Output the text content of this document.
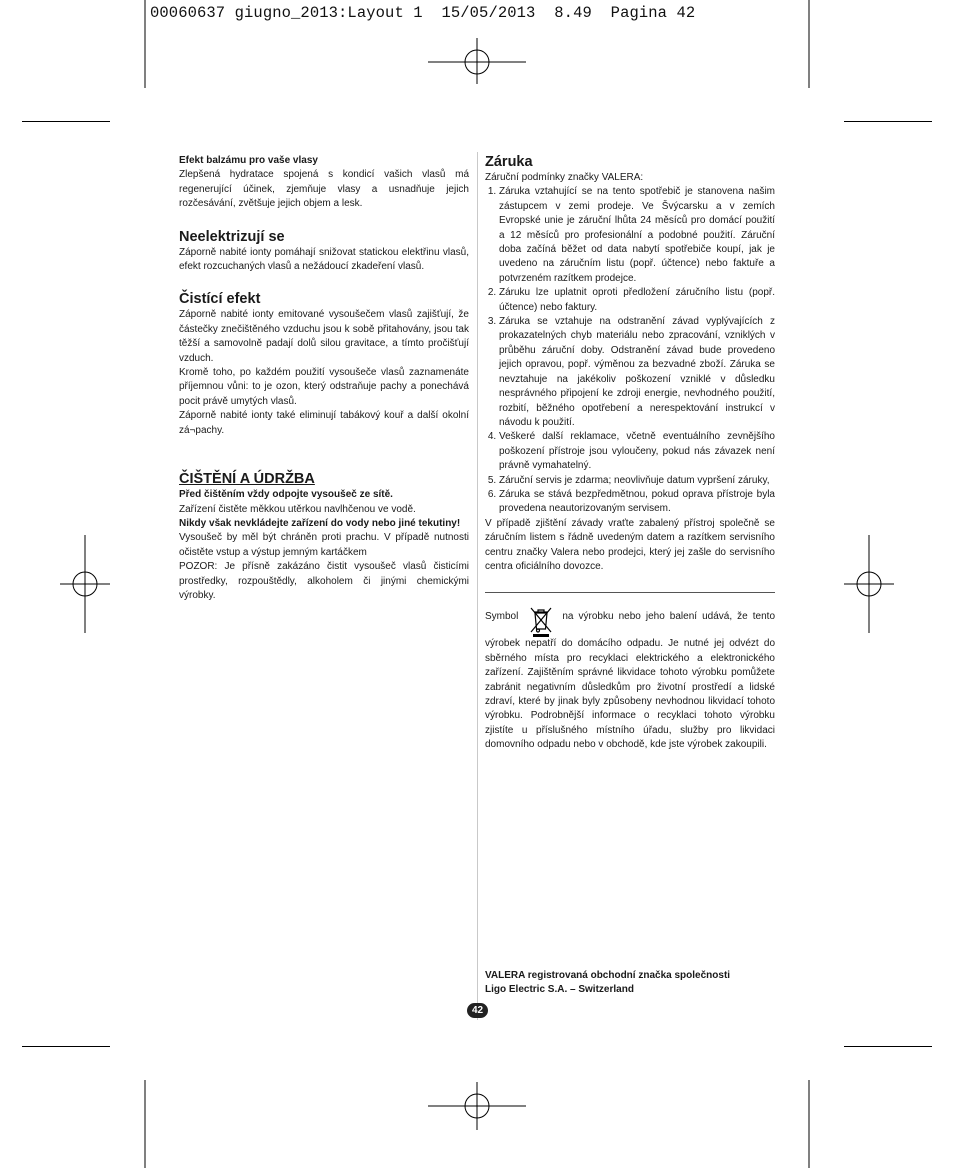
00060637 giugno_2013:Layout 1  15/05/2013  8.49  Pagina 42

Efekt balzámu pro vaše vlasy

Zlepšená hydratace spojená s kondicí vašich vlasů má regenerující účinek, zjemňuje vlasy a usnadňuje jejich rozčesávání, zvětšuje jejich objem a lesk.

Neelektrizují se

Záporně nabité ionty pomáhají snižovat statickou elektřinu vlasů, efekt rozcuchaných vlasů a nežádoucí zkadeření vlasů.

Čistící efekt

Záporně nabité ionty emitované vysoušečem vlasů zajišťují, že částečky znečištěného vzduchu jsou k sobě přitahovány, jsou tak těžší a samovolně padají dolů silou gravitace, a tímto pročišťují vzduch.

Kromě toho, po každém použití vysoušeče vlasů zaznamenáte příjemnou vůni: to je ozon, který odstraňuje pachy a ponechává pocit právě umytých vlasů.

Záporně nabité ionty také eliminují tabákový kouř a další okolní zá¬pachy.

ČIŠTĚNÍ A ÚDRŽBA

Před čištěním vždy odpojte vysoušeč ze sítě.

Zařízení čistěte měkkou utěrkou navlhčenou ve vodě.

Nikdy však nevkládejte zařízení do vody nebo jiné tekutiny!

Vysoušeč by měl být chráněn proti prachu. V případě nutnosti očistěte vstup a výstup jemným kartáčkem

POZOR: Je přísně zakázáno čistit vysoušeč vlasů čisticími prostředky, rozpouštědly, alkoholem či jinými chemickými výrobky.

Záruka

Záruční podmínky značky VALERA:

1. Záruka vztahující se na tento spotřebič je stanovena našim zástupcem v zemi prodeje. Ve Švýcarsku a v zemích Evropské unie je záruční lhůta 24 měsíců pro domácí použití a 12 měsíců pro profesionální a podobné použití. Záruční doba začíná běžet od data nabytí spotřebiče koupí, jak je uvedeno na záručním listu (popř. účtence) nebo faktuře a potvrzeném razítkem prodejce.
2. Záruku lze uplatnit oproti předložení záručního listu (popř. účtence) nebo faktury.
3. Záruka se vztahuje na odstranění závad vyplývajících z prokazatelných chyb materiálu nebo zpracování, vzniklých v průběhu záruční doby. Odstranění závad bude provedeno jejich opravou, popř. výměnou za bezvadné zboží. Záruka se nevztahuje na jakékoliv poškození vzniklé v důsledku nesprávného připojení ke zdroji energie, nevhodného použití, rozbití, běžného opotřebení a nerespektování instrukcí v návodu k použití.
4. Veškeré další reklamace, včetně eventuálního zevnějšího poškození přístroje jsou vyloučeny, pokud nás závazek není právně vymahatelný.
5. Záruční servis je zdarma; neovlivňuje datum vypršení záruky,
6. Záruka se stává bezpředmětnou, pokud oprava přístroje byla provedena neautorizovaným servisem.

V případě zjištění závady vraťte zabalený přístroj společně se záručním listem s řádně uvedeným datem a razítkem servisního centru značky Valera nebo prodejci, který jej zašle do servisního centra oficiálního dovozce.

Symbol	na výrobku nebo jeho balení udává, že tento výrobek nepatří do domácího odpadu. Je nutné jej odvézt do sběrného místa pro recyklaci elektrického a elektronického zařízení. Zajištěním správné likvidace tohoto výrobku pomůžete zabránit negativním důsledkům pro životní prostředí a lidské zdraví, které by jinak byly způsobeny nevhodnou likvidací tohoto výrobku. Podrobnější informace o recyklaci tohoto výrobku zjistíte u příslušného místního úřadu, služby pro likvidaci domovního odpadu nebo v obchodě, kde jste výrobek zakoupili.

VALERA registrovaná obchodní značka společnosti
Ligo Electric S.A. – Switzerland
42
